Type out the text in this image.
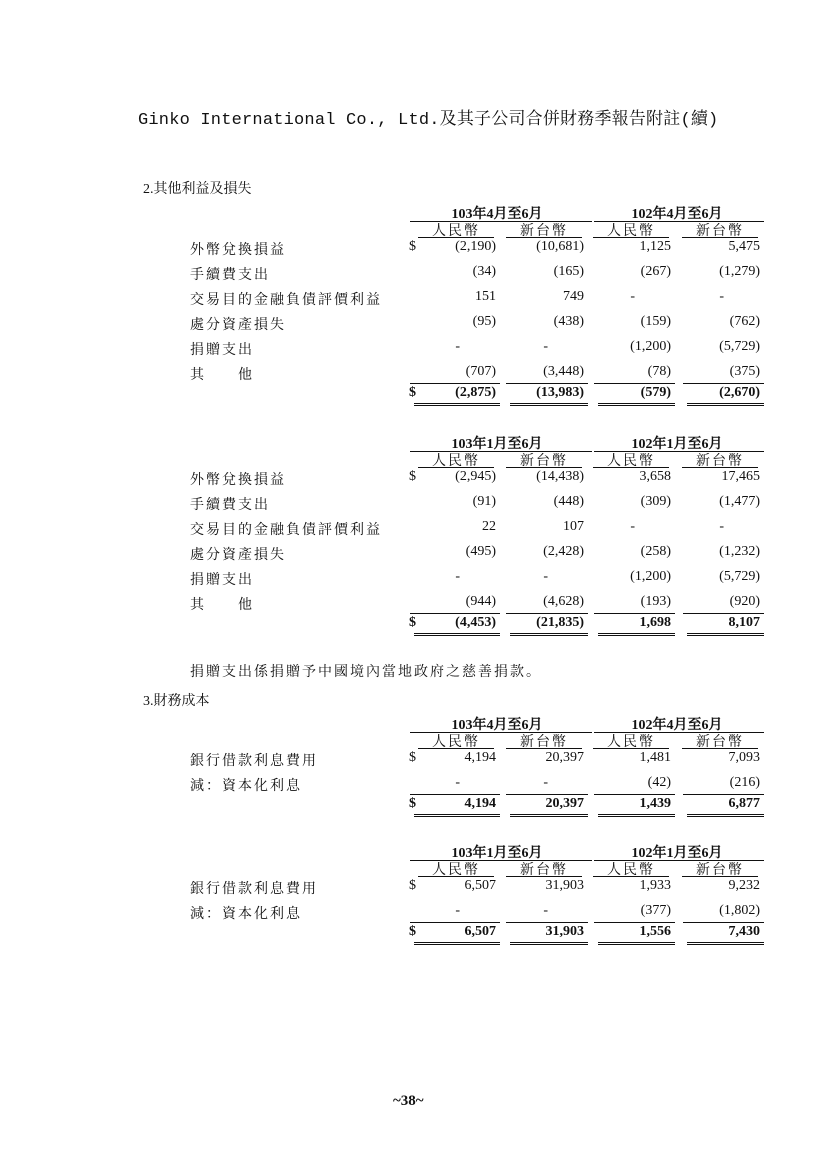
Ginko International Co., Ltd.及其子公司合併財務季報告附註(續)
2.其他利益及損失
103年4月至6月	102年4月至6月
人民幣	新台幣	人民幣	新台幣
外幣兌換損益	$	(2,190)	(10,681)	1,125	5,475
手續費支出	(34)	(165)	(267)	(1,279)
交易目的金融負債評價利益	151	749	-	-
處分資產損失	(95)	(438)	(159)	(762)
捐贈支出	-	-	(1,200)	(5,729)
其　　他	(707)	(3,448)	(78)	(375)
$	(2,875)	(13,983)	(579)	(2,670)
103年1月至6月	102年1月至6月
人民幣	新台幣	人民幣	新台幣
外幣兌換損益	$	(2,945)	(14,438)	3,658	17,465
手續費支出	(91)	(448)	(309)	(1,477)
交易目的金融負債評價利益	22	107	-	-
處分資產損失	(495)	(2,428)	(258)	(1,232)
捐贈支出	-	-	(1,200)	(5,729)
其　　他	(944)	(4,628)	(193)	(920)
$	(4,453)	(21,835)	1,698	8,107
捐贈支出係捐贈予中國境內當地政府之慈善捐款。
3.財務成本
103年4月至6月	102年4月至6月
人民幣	新台幣	人民幣	新台幣
銀行借款利息費用	$	4,194	20,397	1,481	7,093
減：資本化利息	-	-	(42)	(216)
$	4,194	20,397	1,439	6,877
103年1月至6月	102年1月至6月
人民幣	新台幣	人民幣	新台幣
銀行借款利息費用	$	6,507	31,903	1,933	9,232
減：資本化利息	-	-	(377)	(1,802)
$	6,507	31,903	1,556	7,430
~38~
